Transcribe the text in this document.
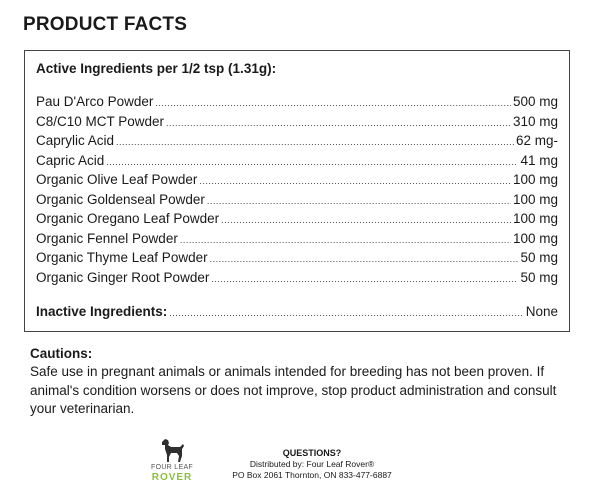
PRODUCT FACTS
Active Ingredients per 1/2 tsp (1.31g):
Pau D'Arco Powder .....	500 mg
C8/C10 MCT Powder .....	310 mg
Caprylic Acid .....	62 mg-
Capric Acid .....	41 mg
Organic Olive Leaf Powder .....	100 mg
Organic Goldenseal Powder .....	100 mg
Organic Oregano Leaf Powder .....	100 mg
Organic Fennel Powder .....	100 mg
Organic Thyme Leaf Powder .....	50 mg
Organic Ginger Root Powder .....	50 mg
Inactive Ingredients: .....	None
Cautions:
Safe use in pregnant animals or animals intended for breeding has not been proven. If animal's condition worsens or does not improve, stop product administration and consult your veterinarian.
FOUR LEAF
ROVER
QUESTIONS?
Distributed by: Four Leaf Rover®
PO Box 2061 Thornton, ON 833-477-6887
